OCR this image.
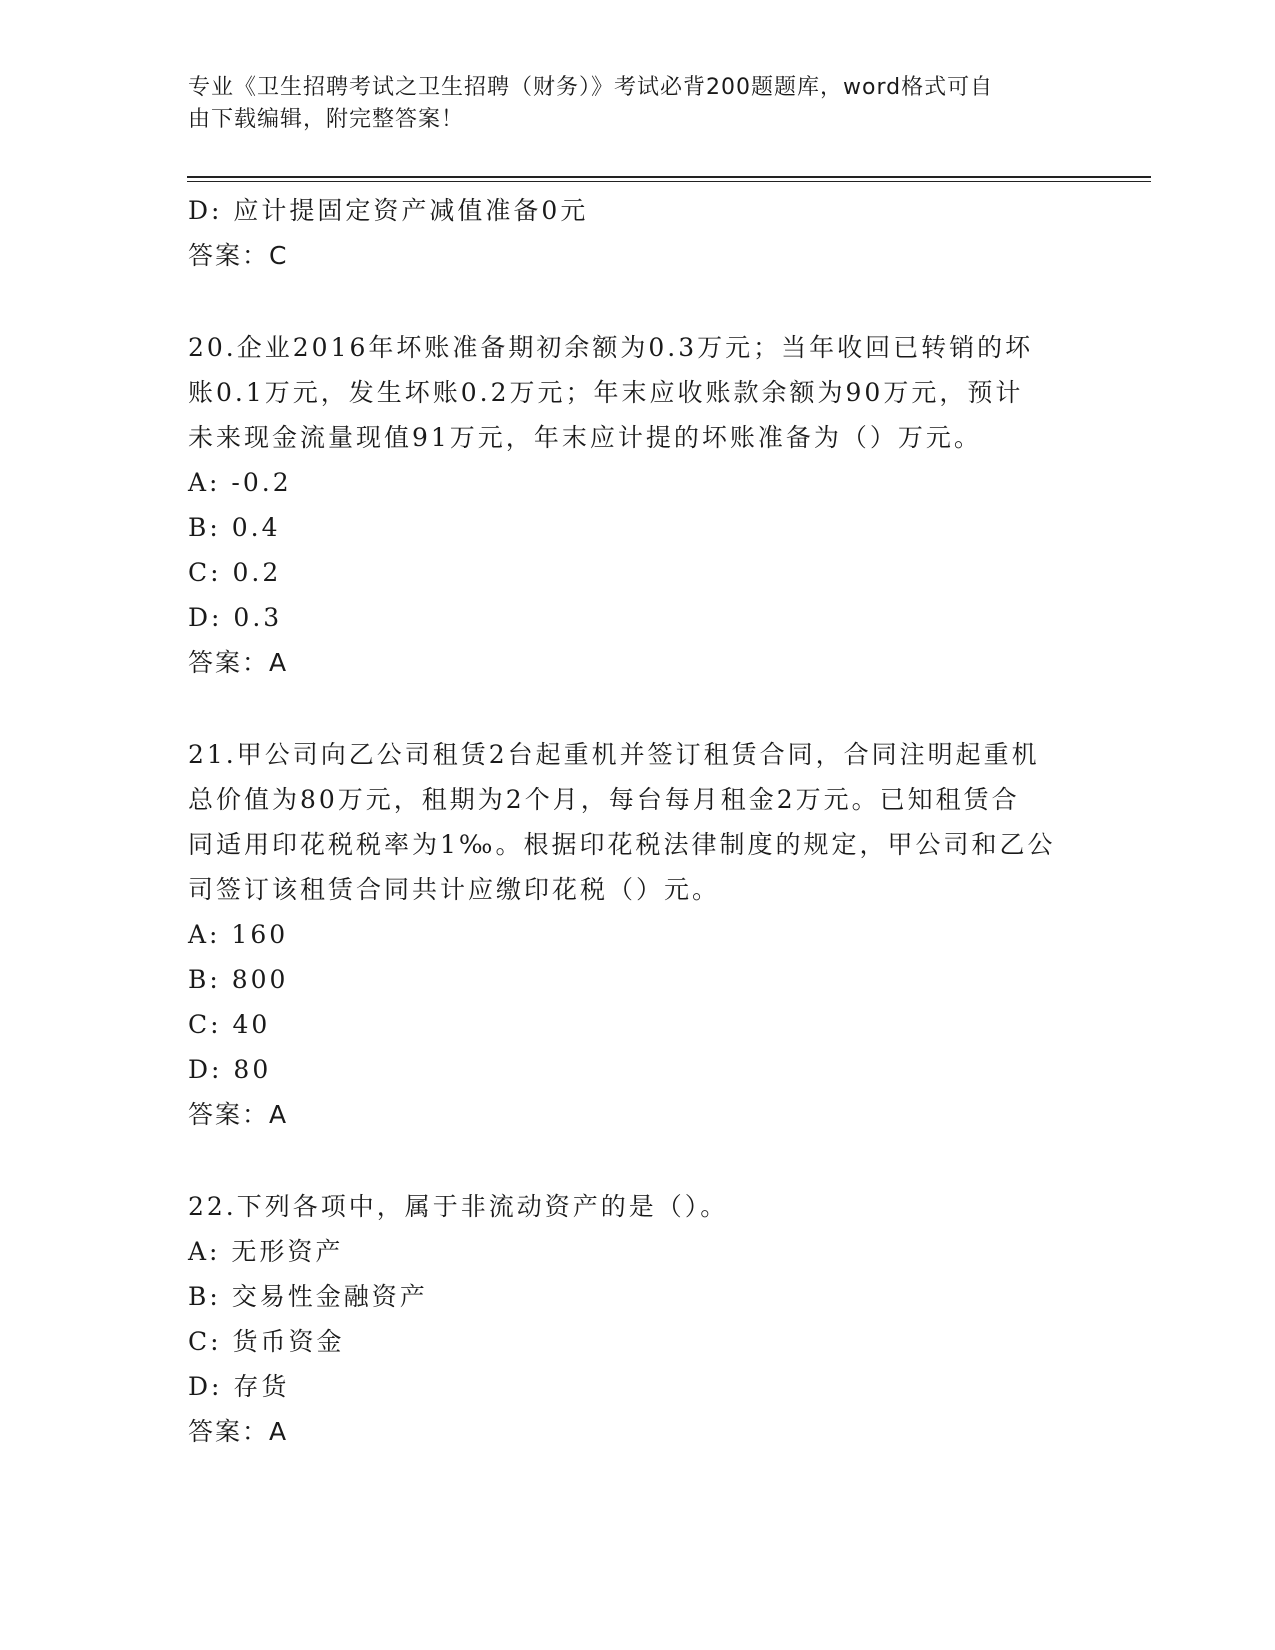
专业《卫生招聘考试之卫生招聘（财务）》考试必背200题题库，word格式可自
由下载编辑，附完整答案！
D: 应计提固定资产减值准备0元
答案：C
20.企业2016年坏账准备期初余额为0.3万元；当年收回已转销的坏
账0.1万元，发生坏账0.2万元；年末应收账款余额为90万元，预计
未来现金流量现值91万元，年末应计提的坏账准备为（）万元。
A: -0.2
B: 0.4
C: 0.2
D: 0.3
答案：A
21.甲公司向乙公司租赁2台起重机并签订租赁合同，合同注明起重机
总价值为80万元，租期为2个月，每台每月租金2万元。已知租赁合
同适用印花税税率为1‰。根据印花税法律制度的规定，甲公司和乙公
司签订该租赁合同共计应缴印花税（）元。
A: 160
B: 800
C: 40
D: 80
答案：A
22.下列各项中，属于非流动资产的是（）。
A: 无形资产
B: 交易性金融资产
C: 货币资金
D: 存货
答案：A
